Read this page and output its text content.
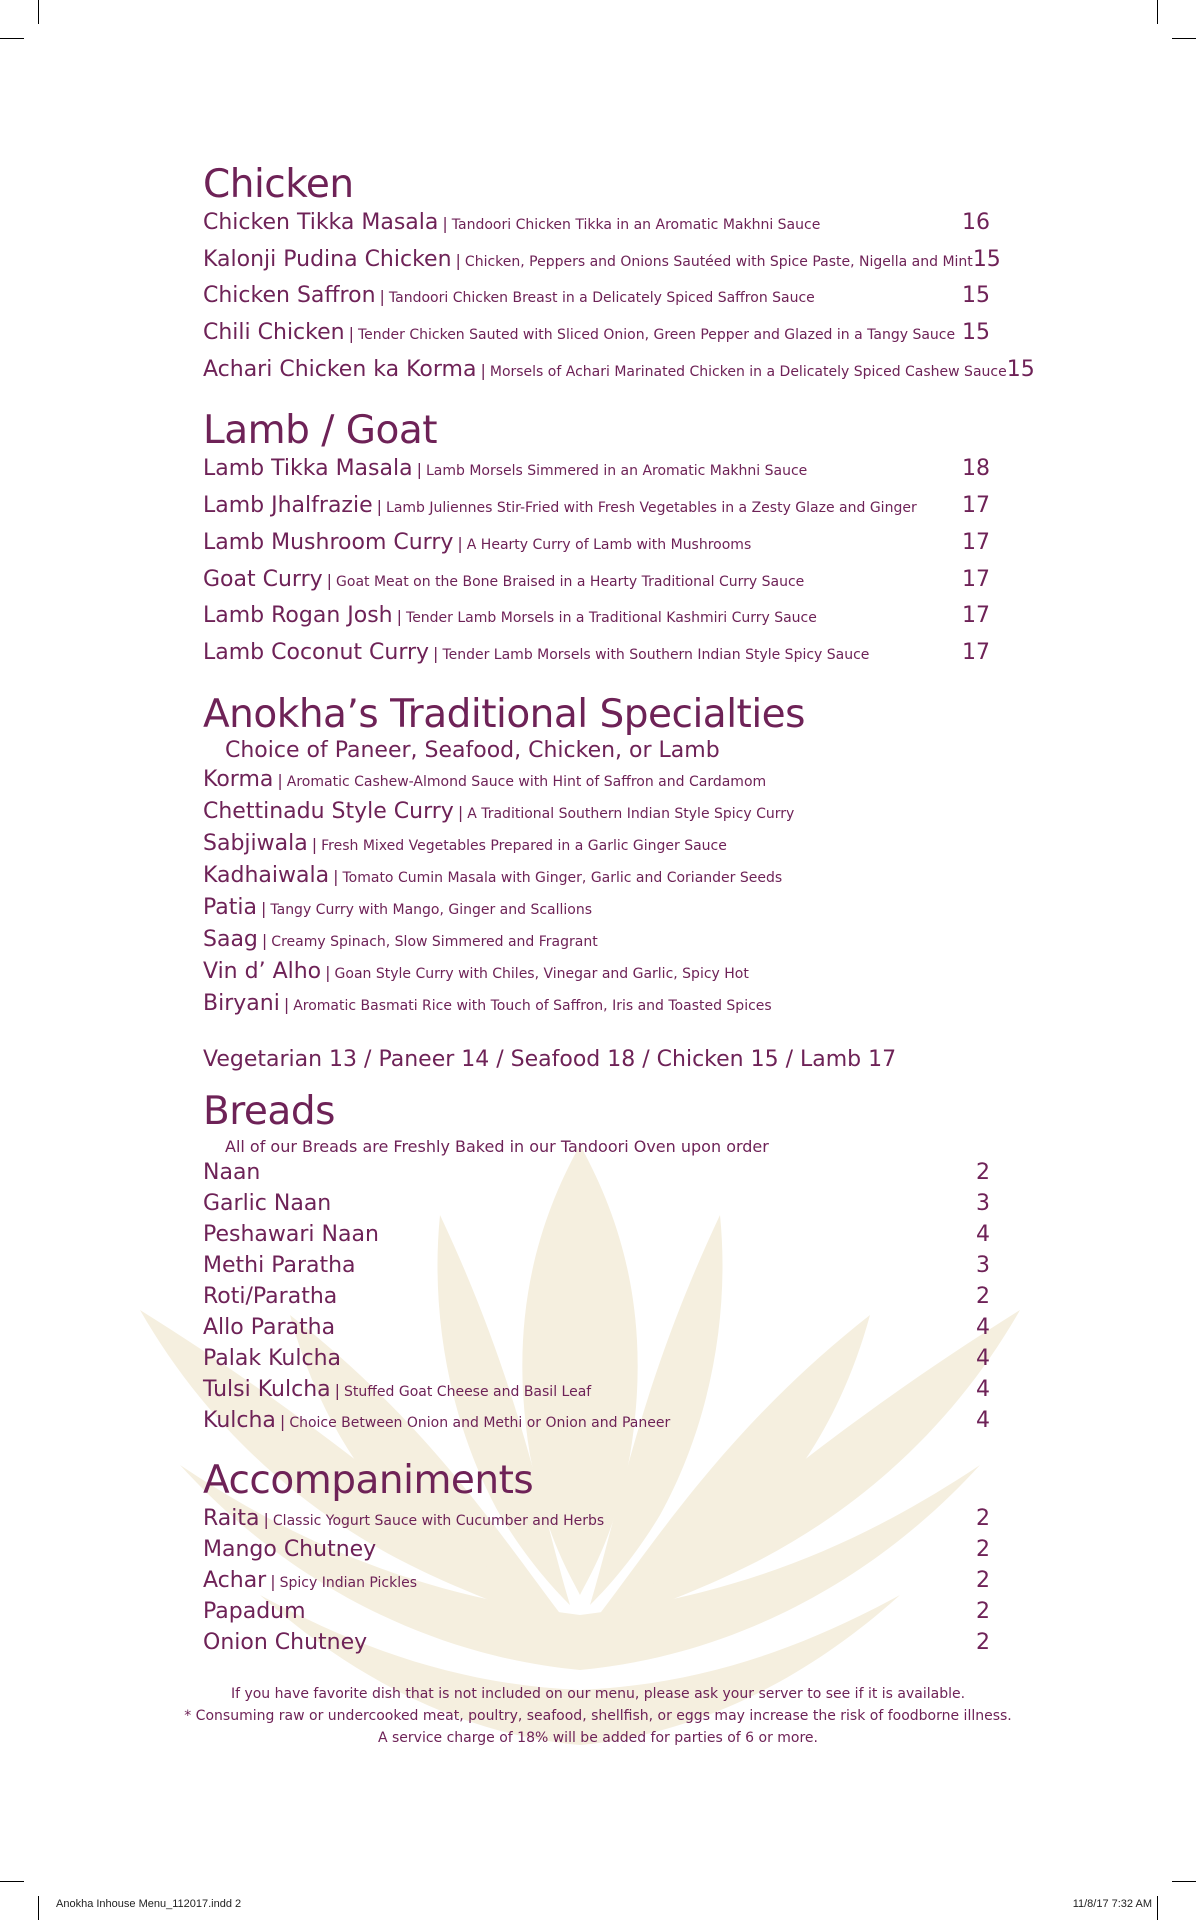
Chicken
Chicken Tikka Masala | Tandoori Chicken Tikka in an Aromatic Makhni Sauce	16
Kalonji Pudina Chicken | Chicken, Peppers and Onions Sautéed with Spice Paste, Nigella and Mint 15
Chicken Saffron | Tandoori Chicken Breast in a Delicately Spiced Saffron Sauce	15
Chili Chicken | Tender Chicken Sauted with Sliced Onion, Green Pepper and Glazed in a Tangy Sauce 15
Achari Chicken ka Korma | Morsels of Achari Marinated Chicken in a Delicately Spiced Cashew Sauce 15
Lamb / Goat
Lamb Tikka Masala | Lamb Morsels Simmered in an Aromatic Makhni Sauce	18
Lamb Jhalfrazie | Lamb Juliennes Stir-Fried with Fresh Vegetables in a Zesty Glaze and Ginger 17
Lamb Mushroom Curry | A Hearty Curry of Lamb with Mushrooms	17
Goat Curry | Goat Meat on the Bone Braised in a Hearty Traditional Curry Sauce	17
Lamb Rogan Josh | Tender Lamb Morsels in a Traditional Kashmiri Curry Sauce	17
Lamb Coconut Curry | Tender Lamb Morsels with Southern Indian Style Spicy Sauce	17
Anokha’s Traditional Specialties
Choice of Paneer, Seafood, Chicken, or Lamb
Korma | Aromatic Cashew-Almond Sauce with Hint of Saffron and Cardamom
Chettinadu Style Curry | A Traditional Southern Indian Style Spicy Curry
Sabjiwala | Fresh Mixed Vegetables Prepared in a Garlic Ginger Sauce
Kadhaiwala | Tomato Cumin Masala with Ginger, Garlic and Coriander Seeds
Patia | Tangy Curry with Mango, Ginger and Scallions
Saag | Creamy Spinach, Slow Simmered and Fragrant
Vin d’ Alho | Goan Style Curry with Chiles, Vinegar and Garlic, Spicy Hot
Biryani | Aromatic Basmati Rice with Touch of Saffron, Iris and Toasted Spices
Vegetarian 13 / Paneer 14 / Seafood 18 / Chicken 15 / Lamb 17
Breads
All of our Breads are Freshly Baked in our Tandoori Oven upon order
Naan	2
Garlic Naan	3
Peshawari Naan	4
Methi Paratha	3
Roti/Paratha	2
Allo Paratha	4
Palak Kulcha	4
Tulsi Kulcha | Stuffed Goat Cheese and Basil Leaf	4
Kulcha | Choice Between Onion and Methi or Onion and Paneer	4
Accompaniments
Raita | Classic Yogurt Sauce with Cucumber and Herbs	2
Mango Chutney	2
Achar | Spicy Indian Pickles	2
Papadum	2
Onion Chutney	2
If you have favorite dish that is not included on our menu, please ask your server to see if it is available.
* Consuming raw or undercooked meat, poultry, seafood, shellfish, or eggs may increase the risk of foodborne illness.
A service charge of 18% will be added for parties of 6 or more.
Anokha Inhouse Menu_112017.indd 2	11/8/17 7:32 AM
